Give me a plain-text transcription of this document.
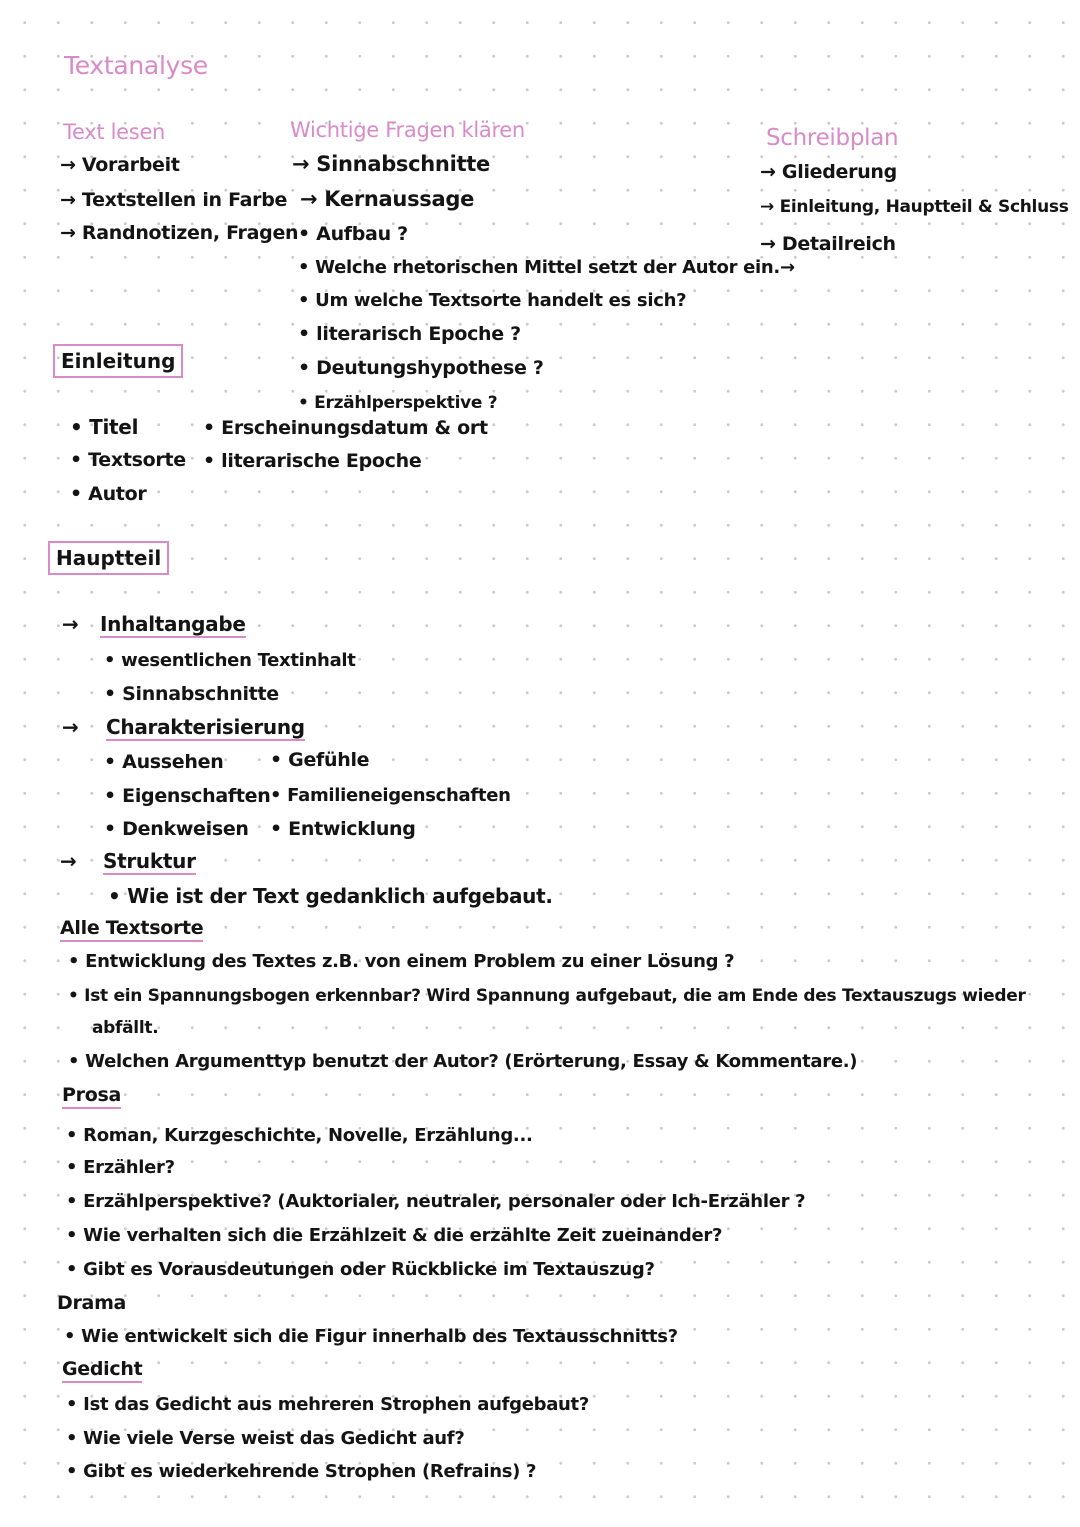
Textanalyse
Text lesen
→ Vorarbeit
→ Textstellen in Farbe
→ Randnotizen, Fragen
Wichtige Fragen klären
→ Sinnabschnitte
→ Kernaussage
• Aufbau ?
• Welche rhetorischen Mittel setzt der Autor ein.→
• Um welche Textsorte handelt es sich?
• literarisch Epoche ?
• Deutungshypothese ?
• Erzählperspektive ?
Schreibplan
→ Gliederung
→ Einleitung, Hauptteil & Schluss
→ Detailreich
Einleitung
• Titel
• Textsorte
• Autor
• Erscheinungsdatum & ort
• literarische Epoche
Hauptteil
→ Inhaltangabe
• wesentlichen Textinhalt
• Sinnabschnitte
→ Charakterisierung
• Aussehen
• Eigenschaften
• Denkweisen
• Gefühle
• Familieneigenschaften
• Entwicklung
→ Struktur
• Wie ist der Text gedanklich aufgebaut.
Alle Textsorte
• Entwicklung des Textes z.B. von einem Problem zu einer Lösung ?
• Ist ein Spannungsbogen erkennbar? Wird Spannung aufgebaut, die am Ende des Textauszugs wieder
abfällt.
• Welchen Argumenttyp benutzt der Autor? (Erörterung, Essay & Kommentare.)
Prosa
• Roman, Kurzgeschichte, Novelle, Erzählung...
• Erzähler?
• Erzählperspektive? (Auktorialer, neutraler, personaler oder Ich-Erzähler ?
• Wie verhalten sich die Erzählzeit & die erzählte Zeit zueinander?
• Gibt es Vorausdeutungen oder Rückblicke im Textauszug?
Drama
• Wie entwickelt sich die Figur innerhalb des Textausschnitts?
Gedicht
• Ist das Gedicht aus mehreren Strophen aufgebaut?
• Wie viele Verse weist das Gedicht auf?
• Gibt es wiederkehrende Strophen (Refrains) ?
